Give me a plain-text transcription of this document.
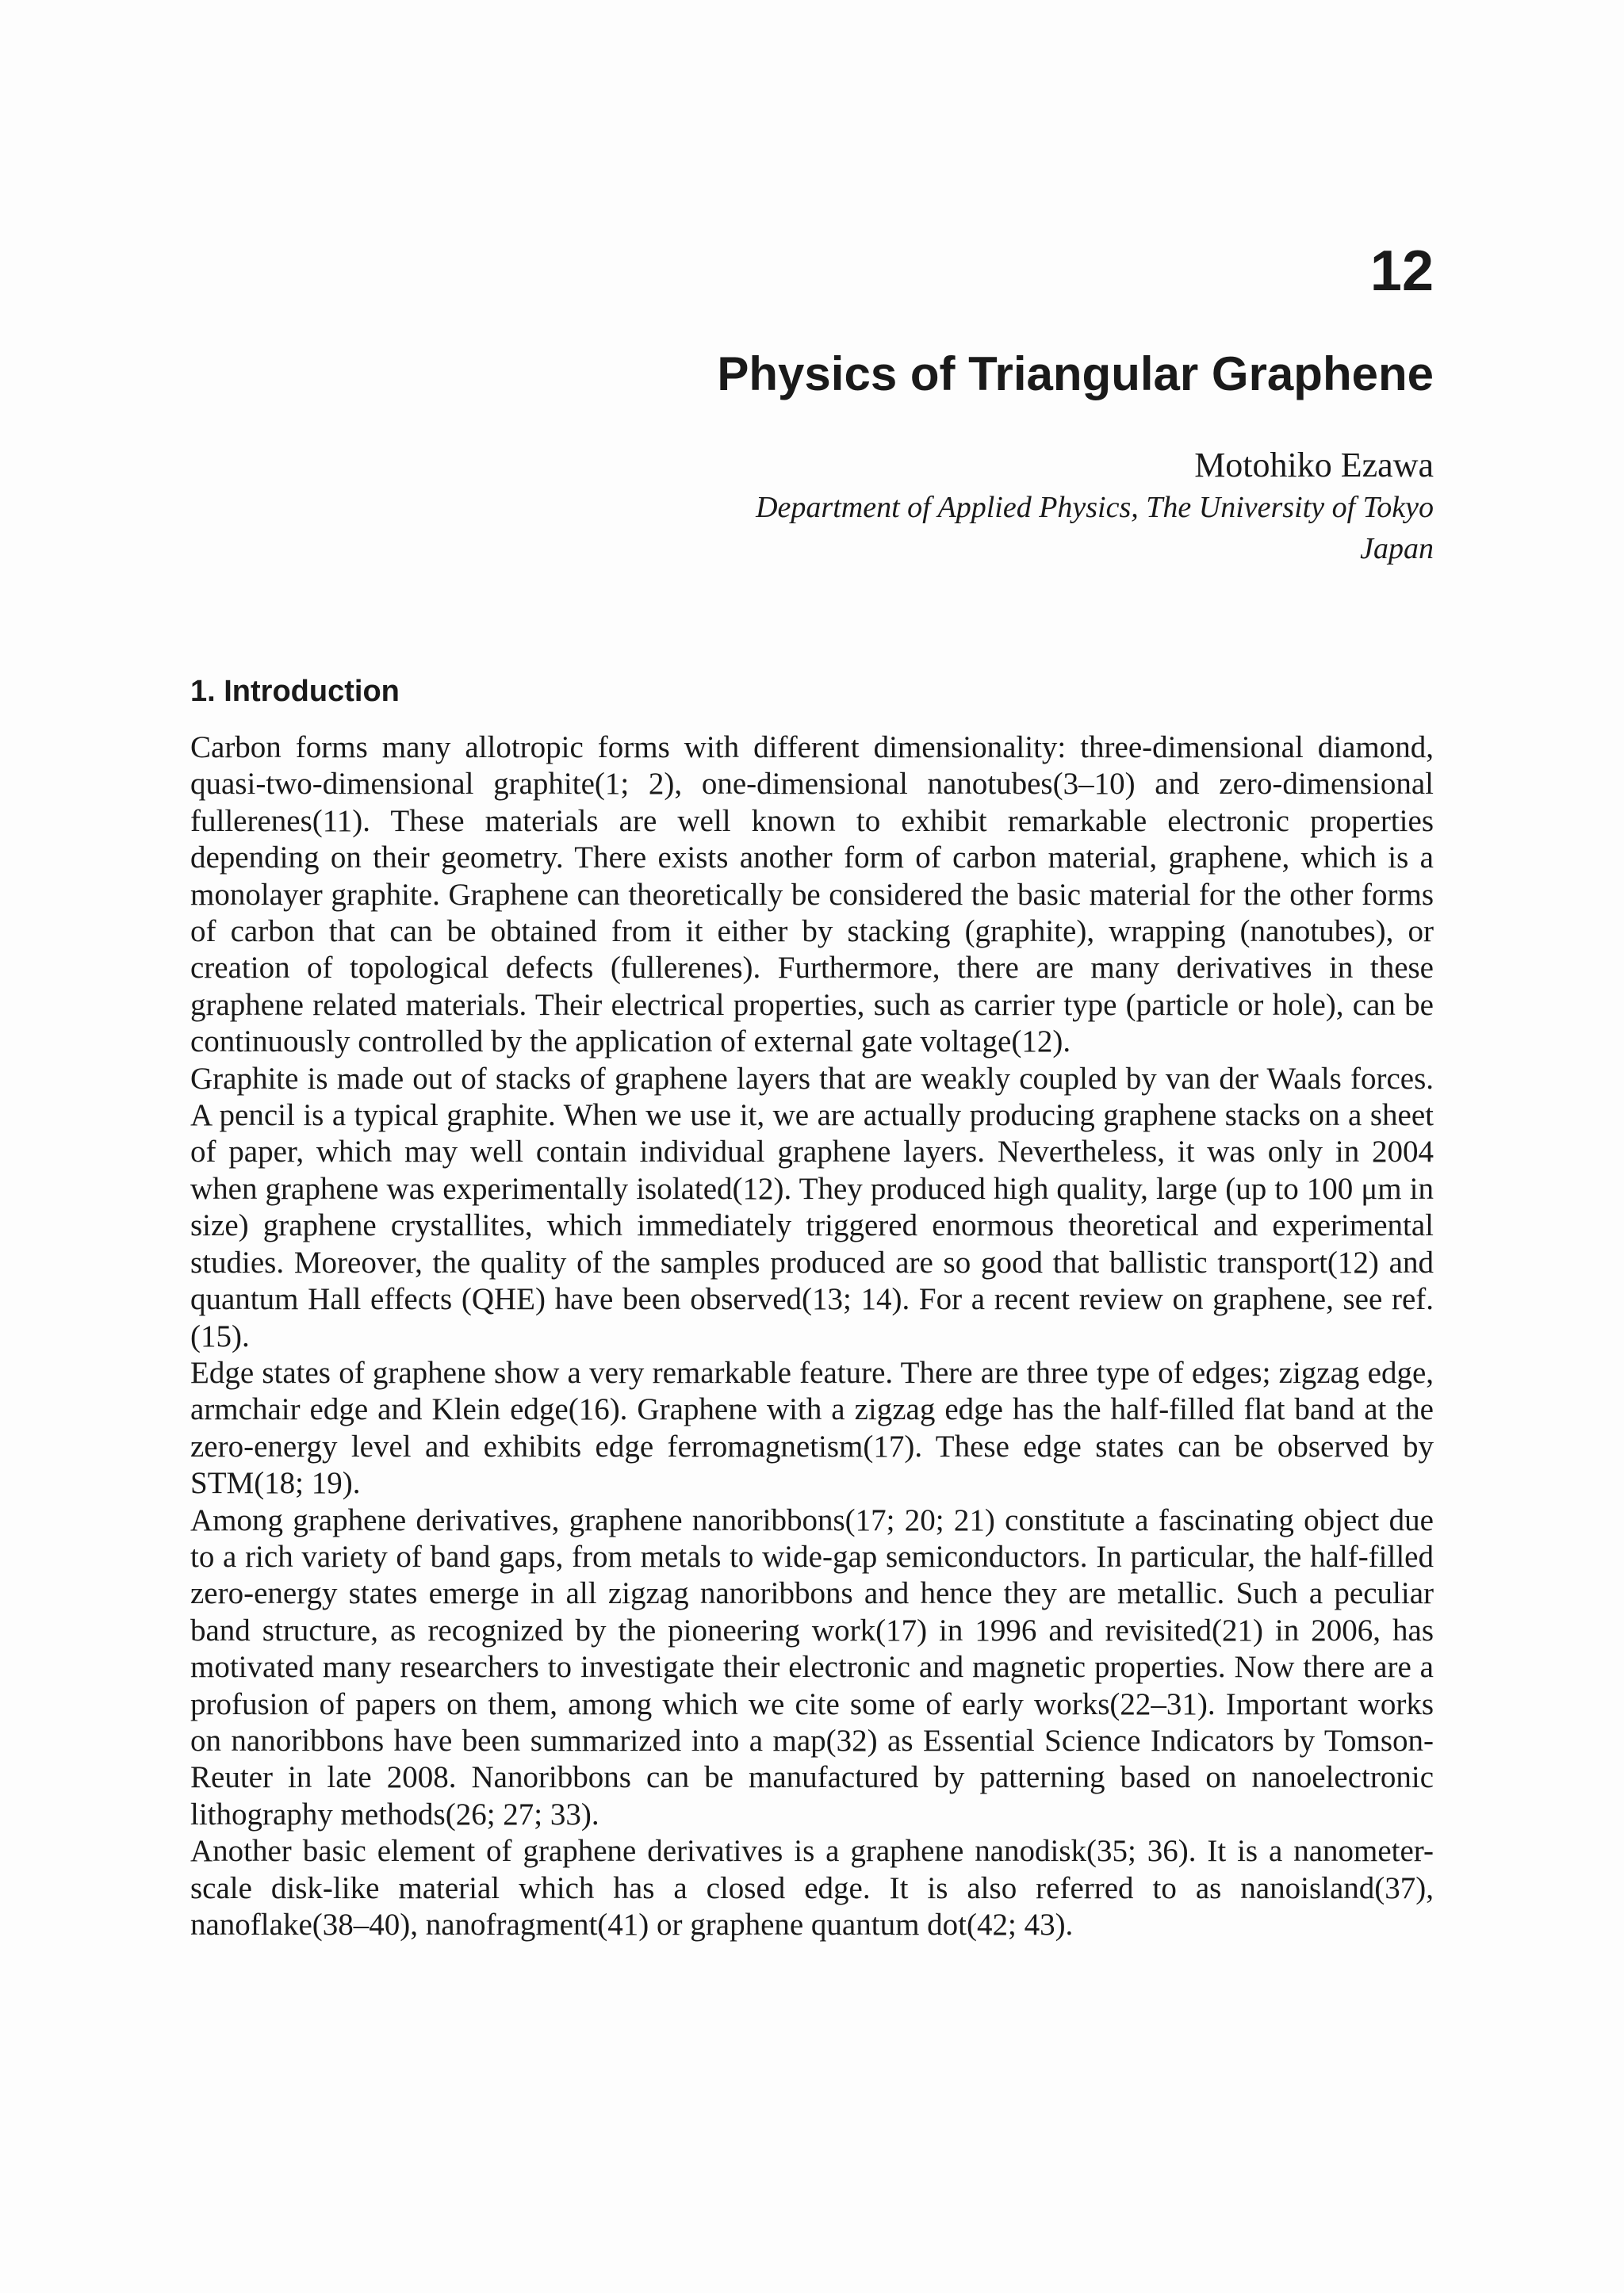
12
Physics of Triangular Graphene
Motohiko Ezawa
Department of Applied Physics, The University of Tokyo
Japan
1. Introduction

Carbon forms many allotropic forms with different dimensionality: three-dimensional diamond, quasi-two-dimensional graphite(1; 2), one-dimensional nanotubes(3–10) and zero-dimensional fullerenes(11). These materials are well known to exhibit remarkable electronic properties depending on their geometry. There exists another form of carbon material, graphene, which is a monolayer graphite. Graphene can theoretically be considered the basic material for the other forms of carbon that can be obtained from it either by stacking (graphite), wrapping (nanotubes), or creation of topological defects (fullerenes). Furthermore, there are many derivatives in these graphene related materials. Their electrical properties, such as carrier type (particle or hole), can be continuously controlled by the application of external gate voltage(12).

Graphite is made out of stacks of graphene layers that are weakly coupled by van der Waals forces. A pencil is a typical graphite. When we use it, we are actually producing graphene stacks on a sheet of paper, which may well contain individual graphene layers. Nevertheless, it was only in 2004 when graphene was experimentally isolated(12). They produced high quality, large (up to 100 μm in size) graphene crystallites, which immediately triggered enormous theoretical and experimental studies. Moreover, the quality of the samples produced are so good that ballistic transport(12) and quantum Hall effects (QHE) have been observed(13; 14). For a recent review on graphene, see ref. (15).

Edge states of graphene show a very remarkable feature. There are three type of edges; zigzag edge, armchair edge and Klein edge(16). Graphene with a zigzag edge has the half-filled flat band at the zero-energy level and exhibits edge ferromagnetism(17). These edge states can be observed by STM(18; 19).

Among graphene derivatives, graphene nanoribbons(17; 20; 21) constitute a fascinating object due to a rich variety of band gaps, from metals to wide-gap semiconductors. In particular, the half-filled zero-energy states emerge in all zigzag nanoribbons and hence they are metallic. Such a peculiar band structure, as recognized by the pioneering work(17) in 1996 and revisited(21) in 2006, has motivated many researchers to investigate their electronic and magnetic properties. Now there are a profusion of papers on them, among which we cite some of early works(22–31). Important works on nanoribbons have been summarized into a map(32) as Essential Science Indicators by Tomson-Reuter in late 2008. Nanoribbons can be manufactured by patterning based on nanoelectronic lithography methods(26; 27; 33).

Another basic element of graphene derivatives is a graphene nanodisk(35; 36). It is a nanometer-scale disk-like material which has a closed edge. It is also referred to as nanoisland(37), nanoflake(38–40), nanofragment(41) or graphene quantum dot(42; 43).
